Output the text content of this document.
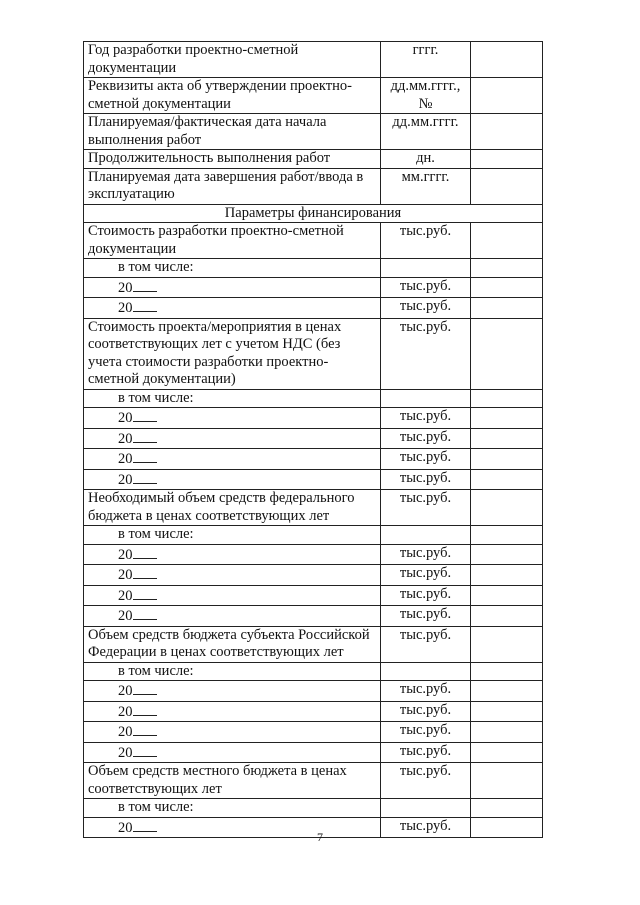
Год разработки проектно-сметной документации	гггг.	
Реквизиты акта об утверждении проектно-сметной документации	дд.мм.гггг., №	
Планируемая/фактическая дата начала выполнения работ	дд.мм.гггг.	
Продолжительность выполнения работ	дн.	
Планируемая дата завершения работ/ввода в эксплуатацию	мм.гггг.	
Параметры финансирования		
Стоимость разработки проектно-сметной документации	тыс.руб.	
в том числе:		
20	тыс.руб.	
20	тыс.руб.	
Стоимость проекта/мероприятия в ценах соответствующих лет с учетом НДС (без учета стоимости разработки проектно-сметной документации)	тыс.руб.	
в том числе:		
20	тыс.руб.	
20	тыс.руб.	
20	тыс.руб.	
20	тыс.руб.	
Необходимый объем средств федерального бюджета в ценах соответствующих лет	тыс.руб.	
в том числе:		
20	тыс.руб.	
20	тыс.руб.	
20	тыс.руб.	
20	тыс.руб.	
Объем средств бюджета субъекта Российской Федерации в ценах соответствующих лет	тыс.руб.	
в том числе:		
20	тыс.руб.	
20	тыс.руб.	
20	тыс.руб.	
20	тыс.руб.	
Объем средств местного бюджета в ценах соответствующих лет	тыс.руб.	
в том числе:		
20	тыс.руб.	
7
